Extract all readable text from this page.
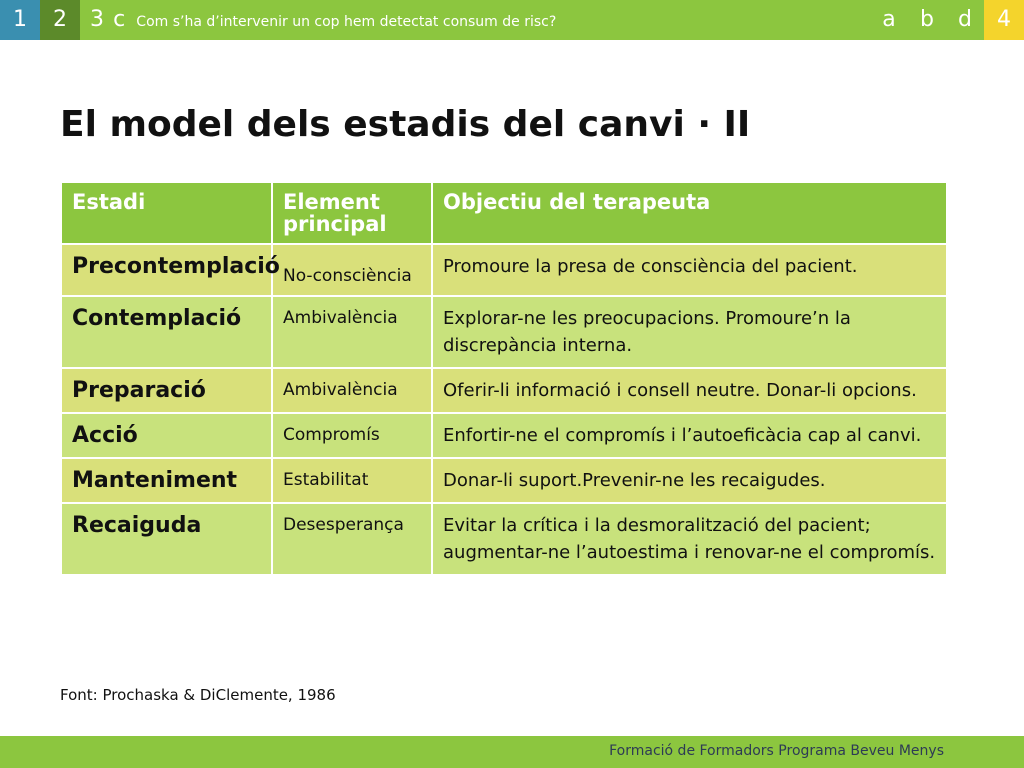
1	2	3 c Com s’ha d’intervenir un cop hem detectat consum de risc?	a b d	4
El model dels estadis del canvi · II
Estadi	Element principal	Objectiu del terapeuta
Precontemplació	No-consciència	Promoure la presa de consciència del pacient.
Contemplació	Ambivalència	Explorar-ne les preocupacions. Promoure’n la discrepància interna.
Preparació	Ambivalència	Oferir-li informació i consell neutre. Donar-li opcions.
Acció	Compromís	Enfortir-ne el compromís i l’autoeficàcia cap al canvi.
Manteniment	Estabilitat	Donar-li suport.Prevenir-ne les recaigudes.
Recaiguda	Desesperança	Evitar la crítica i la desmoralització del pacient; augmentar-ne l’autoestima i renovar-ne el compromís.
Font: Prochaska & DiClemente, 1986
Formació de Formadors Programa Beveu Menys
